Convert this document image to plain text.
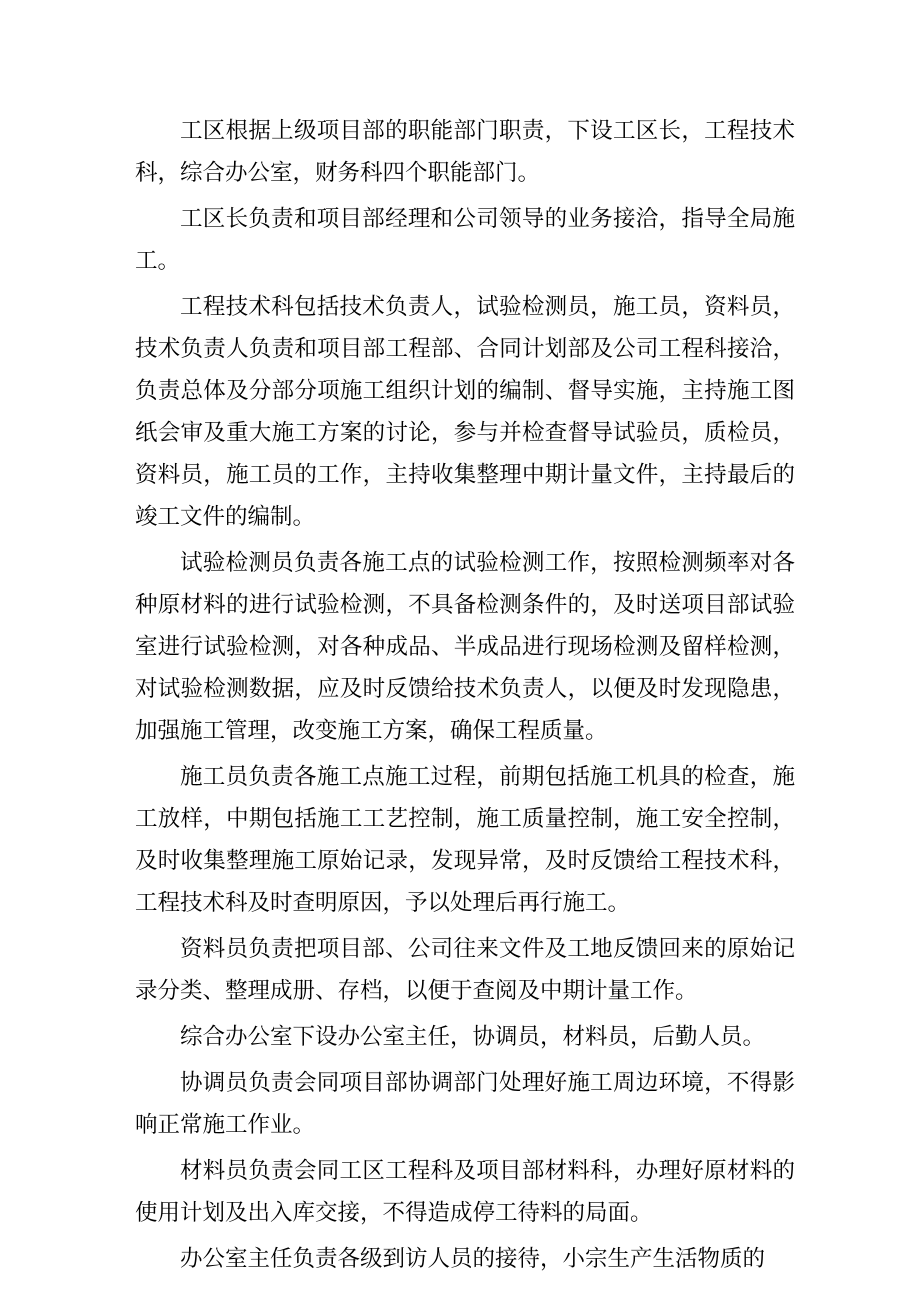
工区根据上级项目部的职能部门职责，下设工区长，工程技术科，综合办公室，财务科四个职能部门。

工区长负责和项目部经理和公司领导的业务接洽，指导全局施工。

工程技术科包括技术负责人，试验检测员，施工员，资料员，技术负责人负责和项目部工程部、合同计划部及公司工程科接洽，负责总体及分部分项施工组织计划的编制、督导实施，主持施工图纸会审及重大施工方案的讨论，参与并检查督导试验员，质检员，资料员，施工员的工作，主持收集整理中期计量文件，主持最后的竣工文件的编制。

试验检测员负责各施工点的试验检测工作，按照检测频率对各种原材料的进行试验检测，不具备检测条件的，及时送项目部试验室进行试验检测，对各种成品、半成品进行现场检测及留样检测，对试验检测数据，应及时反馈给技术负责人，以便及时发现隐患，加强施工管理，改变施工方案，确保工程质量。

施工员负责各施工点施工过程，前期包括施工机具的检查，施工放样，中期包括施工工艺控制，施工质量控制，施工安全控制，及时收集整理施工原始记录，发现异常，及时反馈给工程技术科，工程技术科及时查明原因，予以处理后再行施工。

资料员负责把项目部、公司往来文件及工地反馈回来的原始记录分类、整理成册、存档，以便于查阅及中期计量工作。

综合办公室下设办公室主任，协调员，材料员，后勤人员。

协调员负责会同项目部协调部门处理好施工周边环境，不得影响正常施工作业。

材料员负责会同工区工程科及项目部材料科，办理好原材料的使用计划及出入库交接，不得造成停工待料的局面。

办公室主任负责各级到访人员的接待，小宗生产生活物质的
